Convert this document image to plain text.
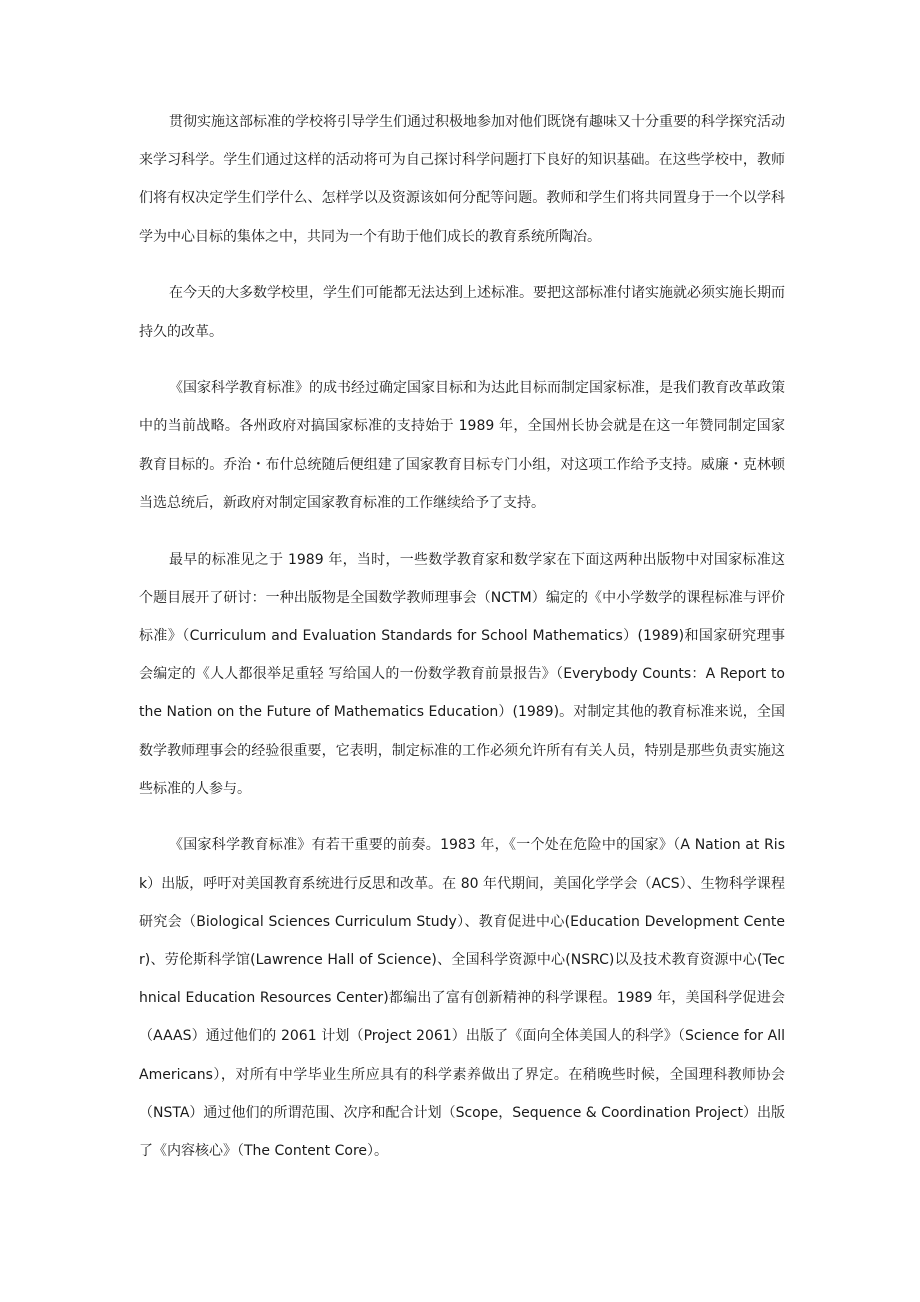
贯彻实施这部标准的学校将引导学生们通过积极地参加对他们既饶有趣味又十分重要的科学探究活动来学习科学。学生们通过这样的活动将可为自己探讨科学问题打下良好的知识基础。在这些学校中，教师们将有权决定学生们学什么、怎样学以及资源该如何分配等问题。教师和学生们将共同置身于一个以学科学为中心目标的集体之中，共同为一个有助于他们成长的教育系统所陶冶。

在今天的大多数学校里，学生们可能都无法达到上述标准。要把这部标准付诸实施就必须实施长期而持久的改革。

《国家科学教育标准》的成书经过确定国家目标和为达此目标而制定国家标准，是我们教育改革政策中的当前战略。各州政府对搞国家标准的支持始于 1989 年，全国州长协会就是在这一年赞同制定国家教育目标的。乔治・布什总统随后便组建了国家教育目标专门小组，对这项工作给予支持。威廉・克林顿当选总统后，新政府对制定国家教育标准的工作继续给予了支持。

最早的标准见之于 1989 年，当时，一些数学教育家和数学家在下面这两种出版物中对国家标准这个题目展开了研讨：一种出版物是全国数学教师理事会（NCTM）编定的《中小学数学的课程标准与评价标准》（Curriculum and Evaluation Standards for School Mathematics）(1989)和国家研究理事会编定的《人人都很举足重轻 写给国人的一份数学教育前景报告》（Everybody Counts：A Report to the Nation on the Future of Mathematics Education）(1989)。对制定其他的教育标准来说，全国数学教师理事会的经验很重要，它表明，制定标准的工作必须允许所有有关人员，特别是那些负责实施这些标准的人参与。

《国家科学教育标准》有若干重要的前奏。1983 年，《一个处在危险中的国家》（A Nation at Risk）出版，呼吁对美国教育系统进行反思和改革。在 80 年代期间，美国化学学会（ACS）、生物科学课程研究会（Biological Sciences Curriculum Study）、教育促进中心(Education Development Center)、劳伦斯科学馆(Lawrence Hall of Science)、全国科学资源中心(NSRC)以及技术教育资源中心(Technical Education Resources Center)都编出了富有创新精神的科学课程。1989 年，美国科学促进会（AAAS）通过他们的 2061 计划（Project 2061）出版了《面向全体美国人的科学》（Science for All Americans），对所有中学毕业生所应具有的科学素养做出了界定。在稍晚些时候，全国理科教师协会（NSTA）通过他们的所谓范围、次序和配合计划（Scope，Sequence & Coordination Project）出版了《内容核心》（The Content Core）。
